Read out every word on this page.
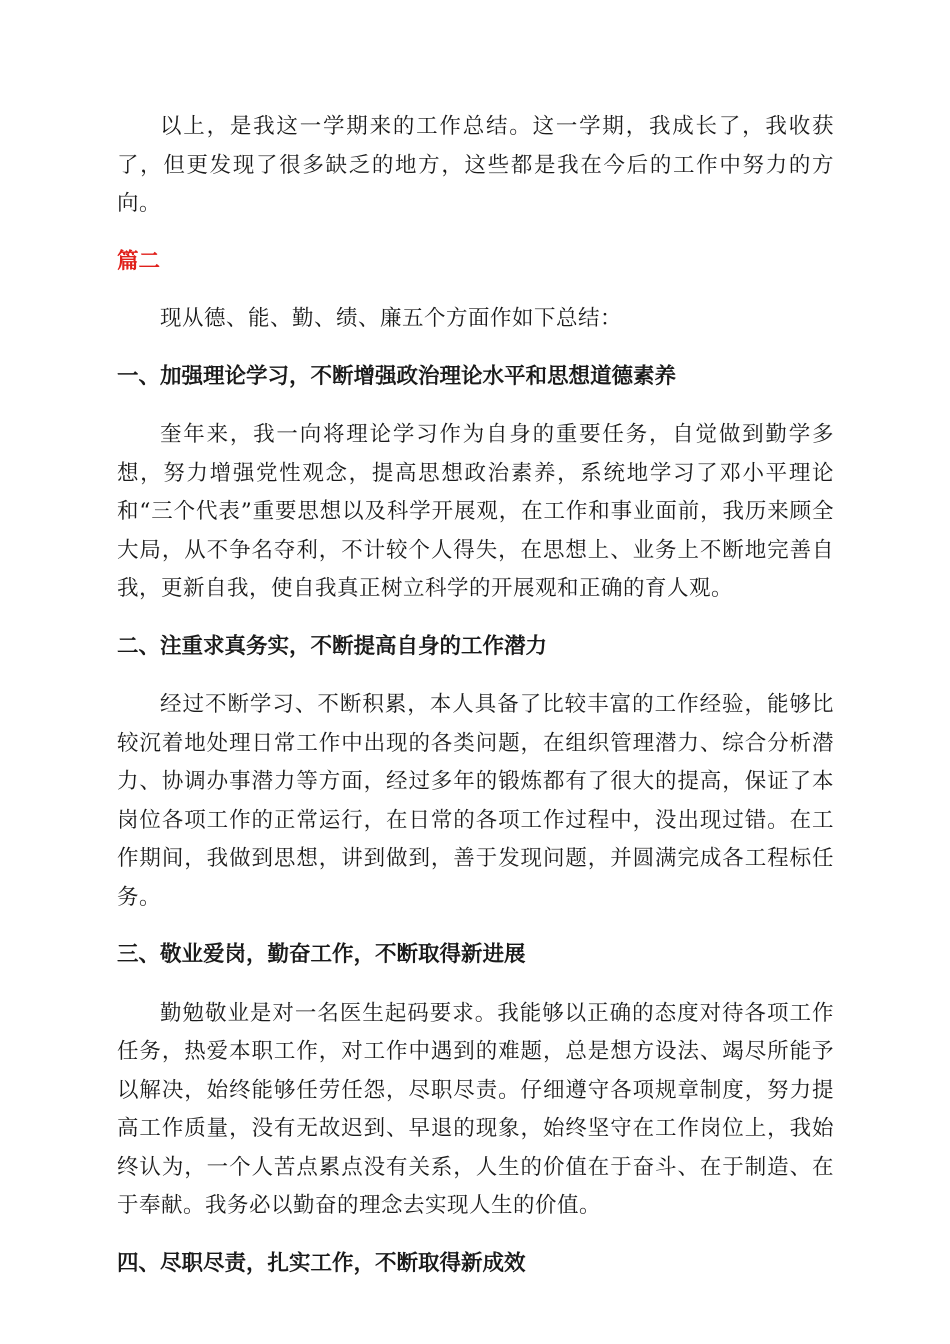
以上，是我这一学期来的工作总结。这一学期，我成长了，我收获了，但更发现了很多缺乏的地方，这些都是我在今后的工作中努力的方向。

篇二

现从德、能、勤、绩、廉五个方面作如下总结：

一、加强理论学习，不断增强政治理论水平和思想道德素养

奎年来，我一向将理论学习作为自身的重要任务，自觉做到勤学多想，努力增强党性观念，提高思想政治素养，系统地学习了邓小平理论和“三个代表”重要思想以及科学开展观，在工作和事业面前，我历来顾全大局，从不争名夺利，不计较个人得失，在思想上、业务上不断地完善自我，更新自我，使自我真正树立科学的开展观和正确的育人观。

二、注重求真务实，不断提高自身的工作潜力

经过不断学习、不断积累，本人具备了比较丰富的工作经验，能够比较沉着地处理日常工作中出现的各类问题，在组织管理潜力、综合分析潜力、协调办事潜力等方面，经过多年的锻炼都有了很大的提高，保证了本岗位各项工作的正常运行，在日常的各项工作过程中，没出现过错。在工作期间，我做到思想，讲到做到，善于发现问题，并圆满完成各工程标任务。

三、敬业爱岗，勤奋工作，不断取得新进展

勤勉敬业是对一名医生起码要求。我能够以正确的态度对待各项工作任务，热爱本职工作，对工作中遇到的难题，总是想方设法、竭尽所能予以解决，始终能够任劳任怨，尽职尽责。仔细遵守各项规章制度，努力提高工作质量，没有无故迟到、早退的现象，始终坚守在工作岗位上，我始终认为，一个人苦点累点没有关系，人生的价值在于奋斗、在于制造、在于奉献。我务必以勤奋的理念去实现人生的价值。

四、尽职尽责，扎实工作，不断取得新成效
